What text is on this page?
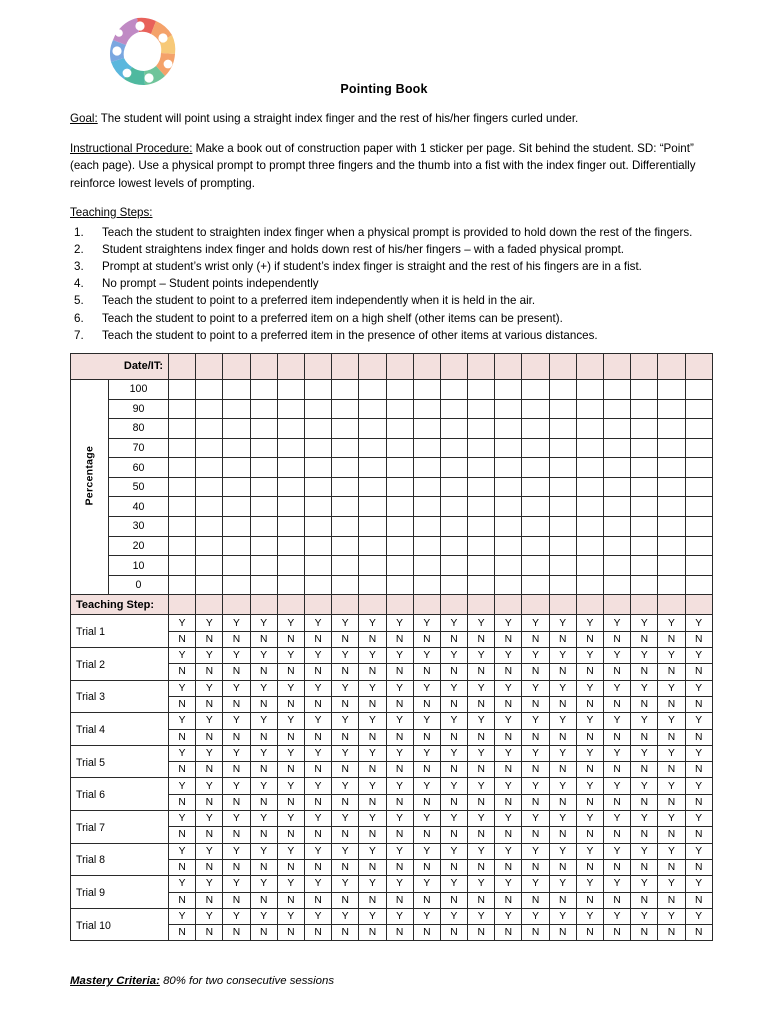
Pointing Book

Goal: The student will point using a straight index finger and the rest of his/her fingers curled under.

Instructional Procedure: Make a book out of construction paper with 1 sticker per page. Sit behind the student. SD: “Point” (each page). Use a physical prompt to prompt three fingers and the thumb into a fist with the index finger out. Differentially reinforce lowest levels of prompting.

Teaching Steps:
Teach the student to straighten index finger when a physical prompt is provided to hold down the rest of the fingers.
Student straightens index finger and holds down rest of his/her fingers – with a faded physical prompt.
Prompt at student’s wrist only (+) if student’s index finger is straight and the rest of his fingers are in a fist.
No prompt – Student points independently
Teach the student to point to a preferred item independently when it is held in the air.
Teach the student to point to a preferred item on a high shelf (other items can be present).
Teach the student to point to a preferred item in the presence of other items at various distances.
Date/IT:																					

Percentage	100																				
	90																				
	80																				
	70																				
	60																				
	50																				
	40																				
	30																				
	20																				
	10																				
	0																				
Teaching Step:																					
Trial 1		Y	Y	Y	Y	Y	Y	Y	Y	Y	Y	Y	Y	Y	Y	Y	Y	Y	Y	Y	Y
		N	N	N	N	N	N	N	N	N	N	N	N	N	N	N	N	N	N	N	N
Trial 2		Y	Y	Y	Y	Y	Y	Y	Y	Y	Y	Y	Y	Y	Y	Y	Y	Y	Y	Y	Y
		N	N	N	N	N	N	N	N	N	N	N	N	N	N	N	N	N	N	N	N
Trial 3		Y	Y	Y	Y	Y	Y	Y	Y	Y	Y	Y	Y	Y	Y	Y	Y	Y	Y	Y	Y
		N	N	N	N	N	N	N	N	N	N	N	N	N	N	N	N	N	N	N	N
Trial 4		Y	Y	Y	Y	Y	Y	Y	Y	Y	Y	Y	Y	Y	Y	Y	Y	Y	Y	Y	Y
		N	N	N	N	N	N	N	N	N	N	N	N	N	N	N	N	N	N	N	N
Trial 5		Y	Y	Y	Y	Y	Y	Y	Y	Y	Y	Y	Y	Y	Y	Y	Y	Y	Y	Y	Y
		N	N	N	N	N	N	N	N	N	N	N	N	N	N	N	N	N	N	N	N
Trial 6		Y	Y	Y	Y	Y	Y	Y	Y	Y	Y	Y	Y	Y	Y	Y	Y	Y	Y	Y	Y
		N	N	N	N	N	N	N	N	N	N	N	N	N	N	N	N	N	N	N	N
Trial 7		Y	Y	Y	Y	Y	Y	Y	Y	Y	Y	Y	Y	Y	Y	Y	Y	Y	Y	Y	Y
		N	N	N	N	N	N	N	N	N	N	N	N	N	N	N	N	N	N	N	N
Trial 8		Y	Y	Y	Y	Y	Y	Y	Y	Y	Y	Y	Y	Y	Y	Y	Y	Y	Y	Y	Y
		N	N	N	N	N	N	N	N	N	N	N	N	N	N	N	N	N	N	N	N
Trial 9		Y	Y	Y	Y	Y	Y	Y	Y	Y	Y	Y	Y	Y	Y	Y	Y	Y	Y	Y	Y
		N	N	N	N	N	N	N	N	N	N	N	N	N	N	N	N	N	N	N	N
Trial 10		Y	Y	Y	Y	Y	Y	Y	Y	Y	Y	Y	Y	Y	Y	Y	Y	Y	Y	Y	Y
		N	N	N	N	N	N	N	N	N	N	N	N	N	N	N	N	N	N	N	N
Mastery Criteria: 80% for two consecutive sessions
